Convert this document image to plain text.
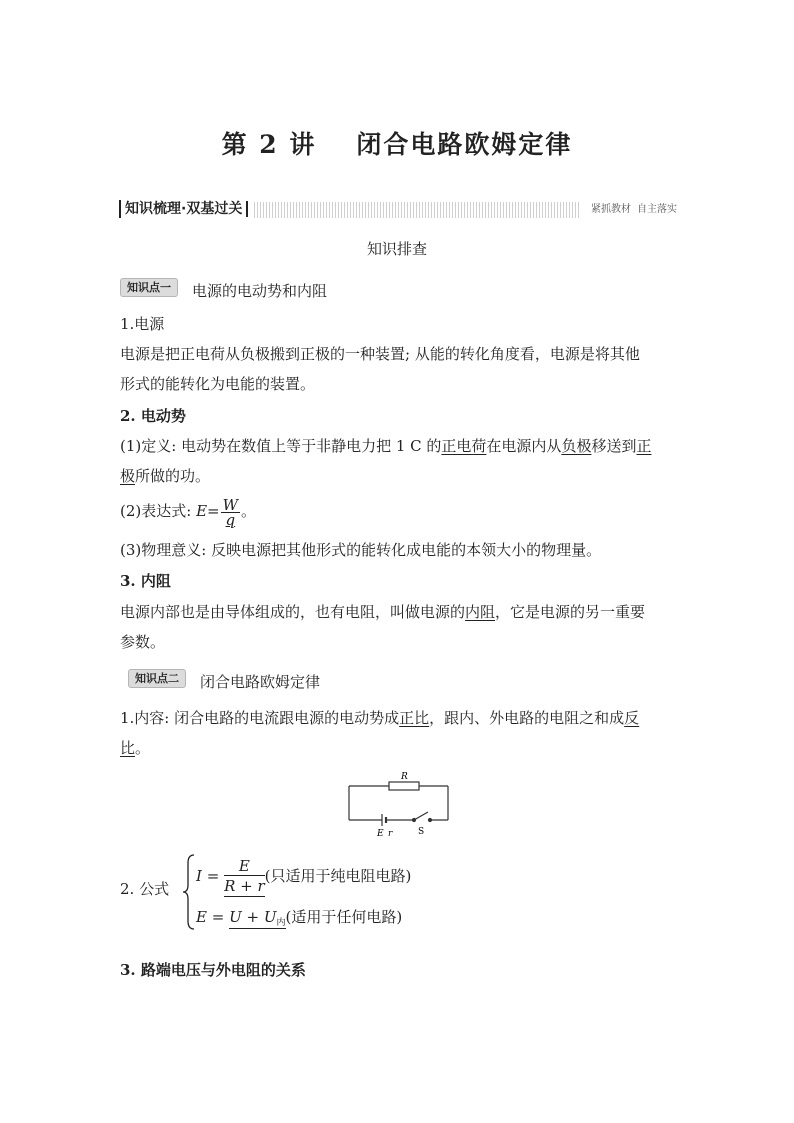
第 2 讲 闭合电路欧姆定律
知识梳理·双基过关	紧抓教材 自主落实
知识排查
知识点一	电源的电动势和内阻
1.电源
电源是把正电荷从负极搬到正极的一种装置; 从能的转化角度看，电源是将其他
形式的能转化为电能的装置。
2. 电动势
(1)定义: 电动势在数值上等于非静电力把 1 C 的正电荷在电源内从负极移送到正
极所做的功。
(2)表达式: $E= \frac{W}{q}$ 。
(3)物理意义: 反映电源把其他形式的能转化成电能的本领大小的物理量。
3. 内阻
电源内部也是由导体组成的，也有电阻，叫做电源的内阻，它是电源的另一重要
参数。
知识点二	闭合电路欧姆定律
1.内容: 闭合电路的电流跟电源的电动势成正比，跟内、外电路的电阻之和成反
比。
R
E r	S
2. 公式
$I = \frac{E}{R + r}$ (只适用于纯电阻电路)
$E = U + U_内$(适用于任何电路)
3. 路端电压与外电阻的关系
